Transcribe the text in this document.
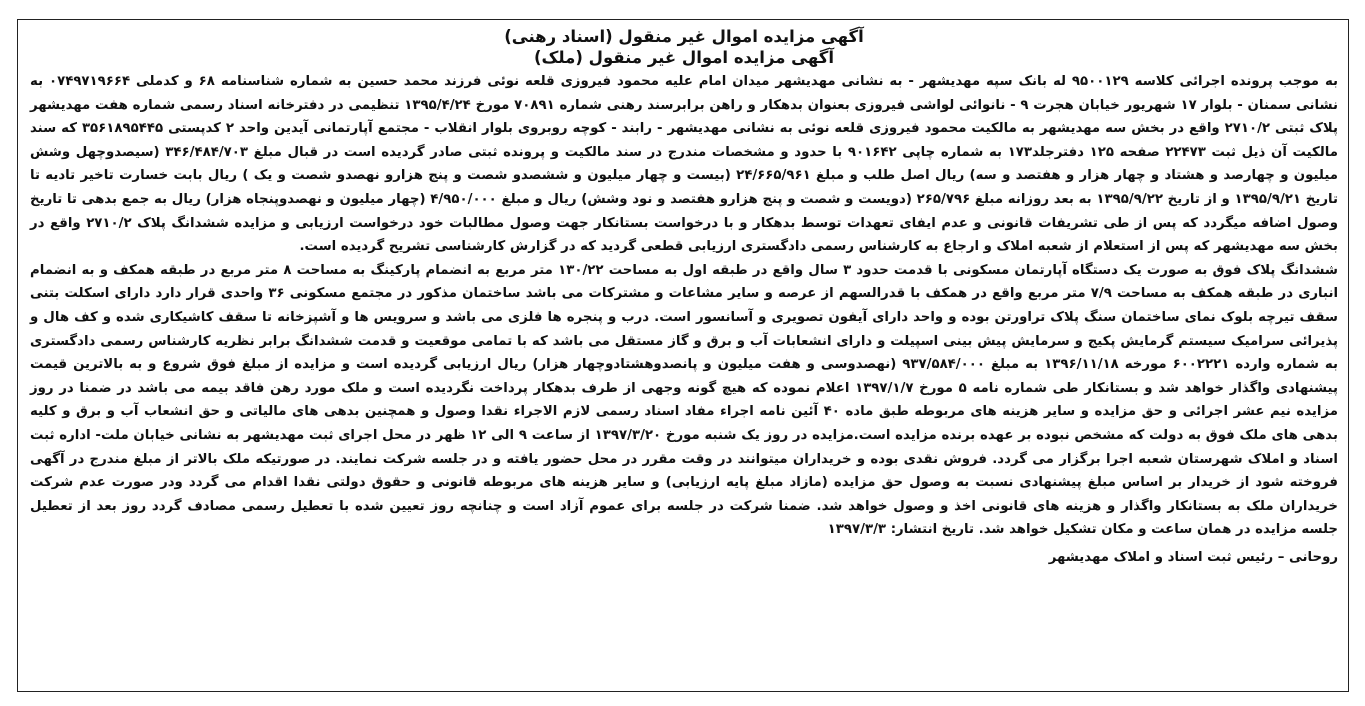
آگهی مزایده اموال غیر منقول (اسناد رهنی)
آگهی مزایده اموال غیر منقول (ملک)

به موجب پرونده اجرائی کلاسه ۹۵۰۰۱۲۹ له بانک سپه مهدیشهر - به نشانی مهدیشهر میدان امام علیه محمود فیروزی قلعه نوئی فرزند محمد حسین به شماره شناسنامه ۶۸ و کدملی ۰۷۴۹۷۱۹۶۶۴ به نشانی سمنان - بلوار ۱۷ شهریور خیابان هجرت ۹ - نانوائی لواشی فیروزی بعنوان بدهکار و راهن برابرسند رهنی شماره ۷۰۸۹۱ مورخ ۱۳۹۵/۴/۲۴ تنظیمی در دفترخانه اسناد رسمی شماره هفت مهدیشهر پلاک ثبتی ۲۷۱۰/۲ واقع در بخش سه مهدیشهر به مالکیت محمود فیروزی قلعه نوئی به نشانی مهدیشهر - رابند - کوچه روبروی بلوار انقلاب - مجتمع آپارتمانی آیدین واحد ۲ کدپستی ۳۵۶۱۸۹۵۴۴۵ که سند مالکیت آن ذیل ثبت ۲۲۴۷۳ صفحه ۱۲۵ دفترجلد۱۷۳ به شماره چاپی ۹۰۱۶۴۲ با حدود و مشخصات مندرج در سند مالکیت و پرونده ثبتی صادر گردیده است در قبال مبلغ ۳۴۶/۴۸۴/۷۰۳ (سیصدوچهل وشش میلیون و چهارصد و هشتاد و چهار هزار و هفتصد و سه) ریال اصل طلب و مبلغ ۲۴/۶۶۵/۹۶۱ (بیست و چهار میلیون و ششصدو شصت و پنج هزارو نهصدو شصت و یک ) ریال بابت خسارت تاخیر تادیه تا تاریخ ۱۳۹۵/۹/۲۱ و از تاریخ ۱۳۹۵/۹/۲۲ به بعد روزانه مبلغ ۲۶۵/۷۹۶ (دویست و شصت و پنج هزارو هفتصد و نود وشش) ریال و مبلغ ۴/۹۵۰/۰۰۰ (چهار میلیون و نهصدوپنجاه هزار) ریال به جمع بدهی تا تاریخ وصول اضافه میگردد که پس از طی تشریفات قانونی و عدم ایفای تعهدات توسط بدهکار و با درخواست بستانکار جهت وصول مطالبات خود درخواست ارزیابی و مزایده ششدانگ پلاک ۲۷۱۰/۲ واقع در بخش سه مهدیشهر که پس از استعلام از شعبه املاک و ارجاع به کارشناس رسمی دادگستری ارزیابی قطعی گردید که در گزارش کارشناسی تشریح گردیده است.

ششدانگ پلاک فوق به صورت یک دستگاه آپارتمان مسکونی با قدمت حدود ۳ سال واقع در طبقه اول به مساحت ۱۳۰/۲۲ متر مربع به انضمام پارکینگ به مساحت ۸ متر مربع در طبقه همکف و به انضمام انباری در طبقه همکف به مساحت ۷/۹ متر مربع واقع در همکف با قدرالسهم از عرصه و سایر مشاعات و مشترکات می باشد ساختمان مذکور در مجتمع مسکونی ۳۶ واحدی قرار دارد دارای اسکلت بتنی سقف تیرچه بلوک نمای ساختمان سنگ پلاک تراورتن بوده و واحد دارای آیفون تصویری و آسانسور است. درب و پنجره ها فلزی می باشد و سرویس ها و آشپزخانه تا سقف کاشیکاری شده و کف هال و پذیرائی سرامیک سیستم گرمایش پکیج و سرمایش پیش بینی اسپیلت و دارای انشعابات آب و برق و گاز مستقل می باشد که با تمامی موقعیت و قدمت ششدانگ برابر نظریه کارشناس رسمی دادگستری به شماره وارده ۶۰۰۲۲۲۱ مورخه ۱۳۹۶/۱۱/۱۸ به مبلغ ۹۳۷/۵۸۴/۰۰۰ (نهصدوسی و هفت میلیون و پانصدوهشتادوچهار هزار) ریال ارزیابی گردیده است و مزایده از مبلغ فوق شروع و به بالاترین قیمت پیشنهادی واگذار خواهد شد و بستانکار طی شماره نامه ۵ مورخ ۱۳۹۷/۱/۷ اعلام نموده که هیچ گونه وجهی از طرف بدهکار پرداخت نگردیده است و ملک مورد رهن فاقد بیمه می باشد در ضمنا در روز مزایده نیم عشر اجرائی و حق مزایده و سایر هزینه های مربوطه طبق ماده ۴۰ آئین نامه اجراء مفاد اسناد رسمی لازم الاجراء نقدا وصول و همچنین بدهی های مالیاتی و حق انشعاب آب و برق و کلیه بدهی های ملک فوق به دولت که مشخص نبوده بر عهده برنده مزایده است.مزایده در روز یک شنبه مورخ ۱۳۹۷/۳/۲۰ از ساعت ۹ الی ۱۲ ظهر در محل اجرای ثبت مهدیشهر به نشانی خیابان ملت- اداره ثبت اسناد و املاک شهرستان شعبه اجرا برگزار می گردد. فروش نقدی بوده و خریداران میتوانند در وقت مقرر در محل حضور یافته و در جلسه شرکت نمایند. در صورتیکه ملک بالاتر از مبلغ مندرج در آگهی فروخته شود از خریدار بر اساس مبلغ پیشنهادی نسبت به وصول حق مزایده (مازاد مبلغ پایه ارزیابی) و سایر هزینه های مربوطه قانونی و حقوق دولتی نقدا اقدام می گردد ودر صورت عدم شرکت خریداران ملک به بستانکار واگذار و هزینه های قانونی اخذ و وصول خواهد شد. ضمنا شرکت در جلسه برای عموم آزاد است و چنانچه روز تعیین شده با تعطیل رسمی مصادف گردد روز بعد از تعطیل جلسه مزایده در همان ساعت و مکان تشکیل خواهد شد. تاریخ انتشار: ۱۳۹۷/۳/۳

روحانی – رئیس ثبت اسناد و املاک مهدیشهر
